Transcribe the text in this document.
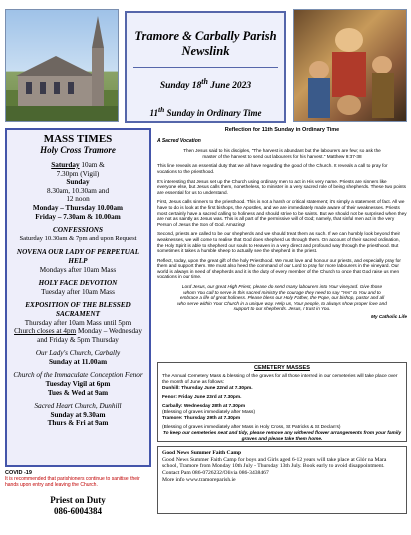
Tramore & Carbally Parish Newslink
Sunday 18th June 2023
11th Sunday in Ordinary Time
MASS TIMES
Holy Cross Tramore
Saturday 10am &
7.30pm (Vigil)
Sunday
8.30am, 10.30am and
12 noon
Monday – Thursday 10.00am
Friday – 7.30am & 10.00am
CONFESSIONS
Saturday 10.30am & 7pm and upon Request
NOVENA OUR LADY OF PERPETUAL HELP
Mondays after 10am Mass
HOLY FACE DEVOTION
Tuesday after 10am Mass
EXPOSITION OF THE BLESSED SACRAMENT
Thursday after 10am Mass until 5pm
Church closes at 4pm Monday – Wednesday
and Friday & 5pm Thursday
Our Lady's Church, Carbally
Sunday at 11.00am
Church of the Immaculate Conception Fenor
Tuesday Vigil at 6pm
Tues & Wed at 9am
Sacred Heart Church, Dunhill
Sunday at 9.30am
Thurs & Fri at 9am
COVID -19
It is recommended that parishioners continue to sanitise their hands upon entry and leaving the Church.
Priest on Duty
086-6004384
Reflection for 11th Sunday in Ordinary Time
A Sacred Vocation
Then Jesus said to his disciples, "The harvest is abundant but the labourers are few; so ask the master of the harvest to send out labourers for his harvest." Matthew 9:37-38

This line reveals an essential duty that we all have regarding the good of the Church. It reveals a call to pray for vocations to the priesthood.

It's interesting that Jesus set up the Church using ordinary men to act in His very name. Priests are sinners like everyone else, but Jesus calls them, nonetheless, to minister in a very sacred role of being shepherds. These two points are essential for us to understand.

First, Jesus calls sinners to the priesthood. This is not a harsh or critical statement; it's simply a statement of fact. All we have to do is look at the first bishops, the Apostles, and we are immediately made aware of their weaknesses. Priests most certainly have a sacred calling to holiness and should strive to be saints. But we should not be surprised when they are not as saintly as Jesus was. This is all part of the permissive will of God; namely, that sinful men act in the very Person of Jesus the Son of God. Amazing!

Second, priests are called to be our shepherds and we should treat them as such. If we can humbly look beyond their weaknesses, we will come to realise that God does shepherd us through them. On account of their sacred ordination, the Holy Spirit is able to shepherd our souls to Heaven in a very direct and profound way through the priesthood. But sometimes it takes a humble sheep to actually see the shepherd in the priest.

Reflect, today, upon the great gift of the holy Priesthood. We must love and honour our priests, and especially pray for them and support them. We must also heed the command of our Lord to pray for more labourers in the vineyard. Our world is always in need of shepherds and it is the duty of every member of the Church to once that God raise us men vocations in our time.

Lord Jesus, our great High Priest, please do send many labourers into Your vineyard. Give those whom You call to serve in this sacred ministry the courage they need to say "Yes" to You and to embrace a life of great holiness. Please bless our Holy Father, the Pope, our bishop, pastor and all who serve within Your Church in a unique way. Help us, Your people, to always show proper love and support to our shepherds. Jesus, I trust in You.
My Catholic Life
CEMETERY MASSES
The Annual Cemetery Mass & blessing of the graves for all those interred in our cemeteries will take place over the month of June as follows:
Dunhill: Thursday June 22nd at 7.30pm.
Fenor: Friday June 23rd at 7.30pm.
Carbally: Wednesday 28th at 7.30pm
(Blessing of graves immediately after Mass)
Tramore: Thursday 29th at 7.30pm
(Blessing of graves immediately after Mass in Holy Cross, St Patricks & St Declan's)
To keep our cemeteries neat and tidy, please remove any withered flower arrangements from your family graves and please take them home.
Good News Summer Faith Camp
Good News Summer Faith Camp for boys and Girls aged 6-12 years will take place at Glór na Mara school, Tramore from Monday 10th July - Thursday 13th July. Book early to avoid disappointment.
Contact Pam 086-0726232/Olivia 086-3438467
More info www.tramoreparish.ie
